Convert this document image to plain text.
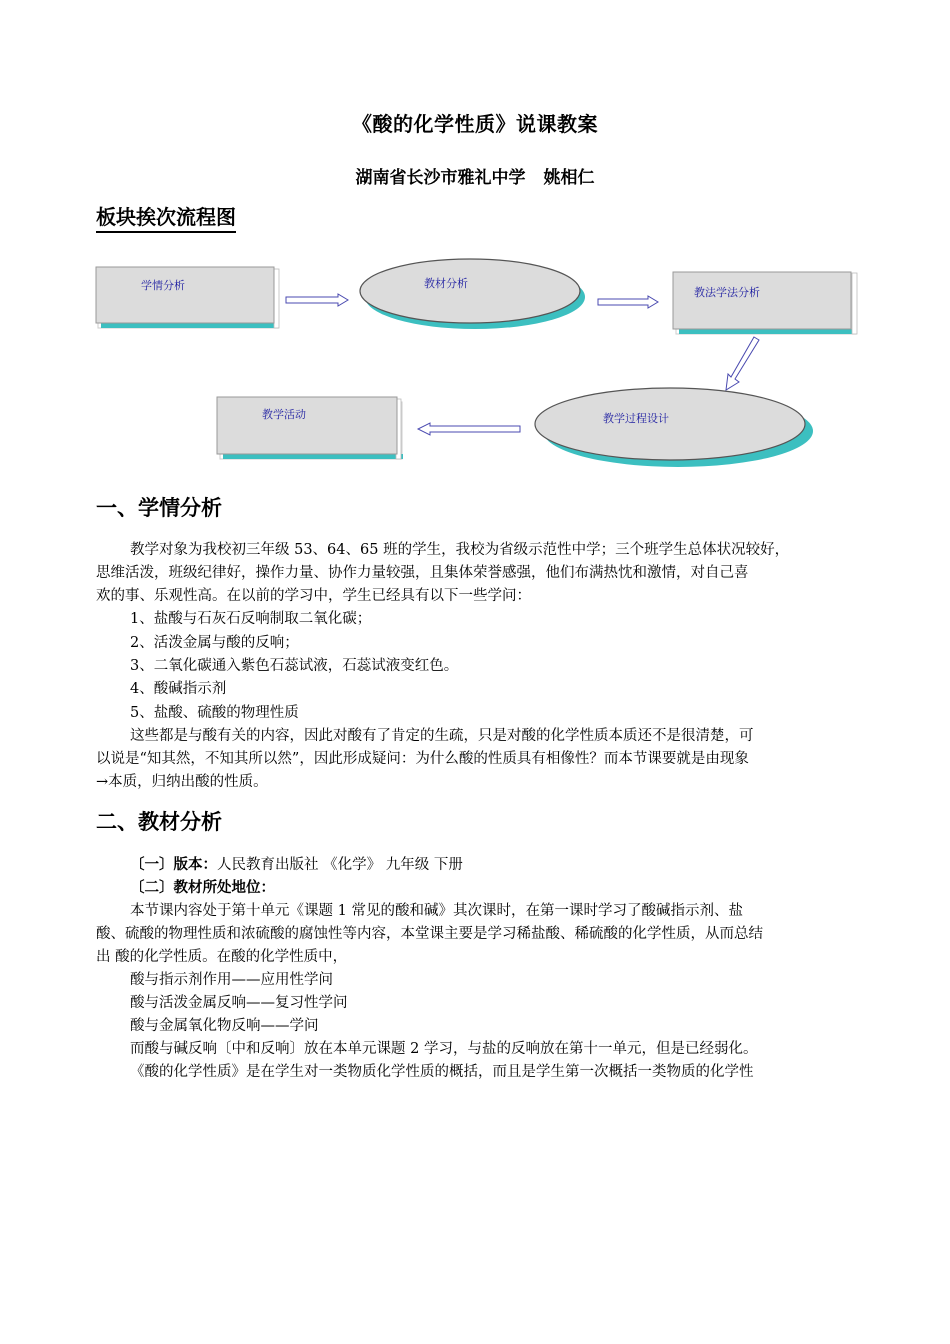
《酸的化学性质》说课教案
湖南省长沙市雅礼中学 姚相仁
板块挨次流程图
学情分析	教材分析
教法学法分析
教学过程设计
教学活动
一、学情分析
教学对象为我校初三年级 53、64、65 班的学生，我校为省级示范性中学；三个班学生总体状况较好，
思维活泼，班级纪律好，操作力量、协作力量较强，且集体荣誉感强，他们布满热忱和激情，对自己喜
欢的事、乐观性高。在以前的学习中，学生已经具有以下一些学问：
1、盐酸与石灰石反响制取二氧化碳；
2、活泼金属与酸的反响；
3、二氧化碳通入紫色石蕊试液，石蕊试液变红色。
4、酸碱指示剂
5、盐酸、硫酸的物理性质
这些都是与酸有关的内容，因此对酸有了肯定的生疏，只是对酸的化学性质本质还不是很清楚，可
以说是“知其然，不知其所以然”，因此形成疑问：为什么酸的性质具有相像性？而本节课要就是由现象
→本质，归纳出酸的性质。
二、教材分析
〔一〕版本：人民教育出版社 《化学》 九年级 下册
〔二〕教材所处地位：
本节课内容处于第十单元《课题 1 常见的酸和碱》其次课时，在第一课时学习了酸碱指示剂、盐
酸、硫酸的物理性质和浓硫酸的腐蚀性等内容，本堂课主要是学习稀盐酸、稀硫酸的化学性质，从而总结
出 酸的化学性质。在酸的化学性质中，
酸与指示剂作用——应用性学问
酸与活泼金属反响——复习性学问
酸与金属氧化物反响——学问
而酸与碱反响〔中和反响〕放在本单元课题 2 学习，与盐的反响放在第十一单元，但是已经弱化。
《酸的化学性质》是在学生对一类物质化学性质的概括，而且是学生第一次概括一类物质的化学性
